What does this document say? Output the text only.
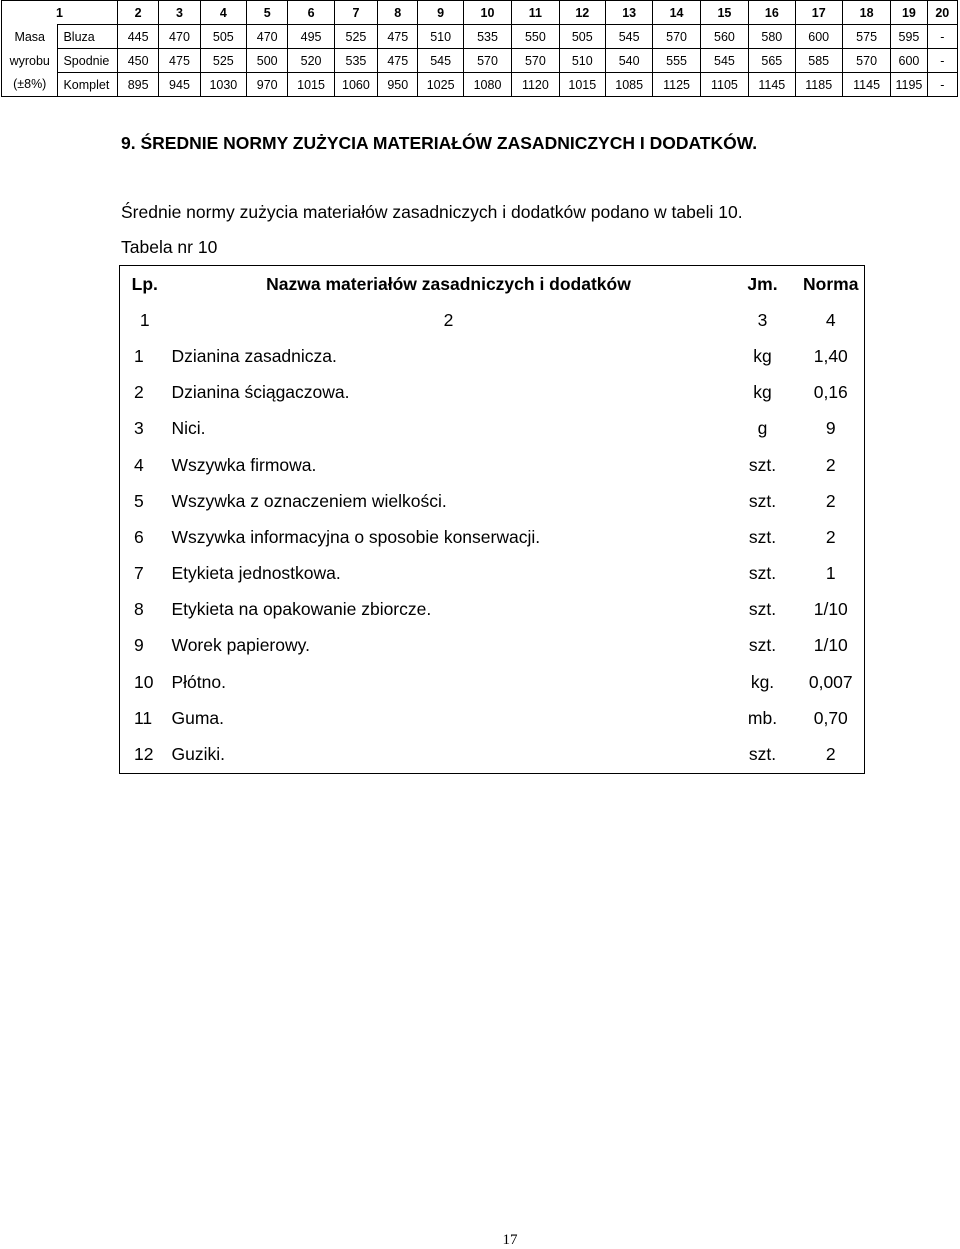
1		2	3	4	5	6	7	8	9	10	11	12	13	14	15	16	17	18	19	20
Masa	Bluza	445	470	505	470	495	525	475	510	535	550	505	545	570	560	580	600	575	595	-
wyrobu	Spodnie	450	475	525	500	520	535	475	545	570	570	510	540	555	545	565	585	570	600	-
(±8%)	Komplet	895	945	1030	970	1015	1060	950	1025	1080	1120	1015	1085	1125	1105	1145	1185	1145	1195	-
9. ŚREDNIE NORMY ZUŻYCIA MATERIAŁÓW ZASADNICZYCH I DODATKÓW.
Średnie normy zużycia materiałów zasadniczych i dodatków podano w tabeli 10.
Tabela nr 10
Lp.	Nazwa materiałów zasadniczych i dodatków	Jm.	Norma
1	2	3	4
1	Dzianina zasadnicza.	kg	1,40
2	Dzianina ściągaczowa.	kg	0,16
3	Nici.	g	9
4	Wszywka firmowa.	szt.	2
5	Wszywka z oznaczeniem wielkości.	szt.	2
6	Wszywka informacyjna o sposobie konserwacji.	szt.	2
7	Etykieta jednostkowa.	szt.	1
8	Etykieta na opakowanie zbiorcze.	szt.	1/10
9	Worek papierowy.	szt.	1/10
10	Płótno.	kg.	0,007
11	Guma.	mb.	0,70
12	Guziki.	szt.	2
17
